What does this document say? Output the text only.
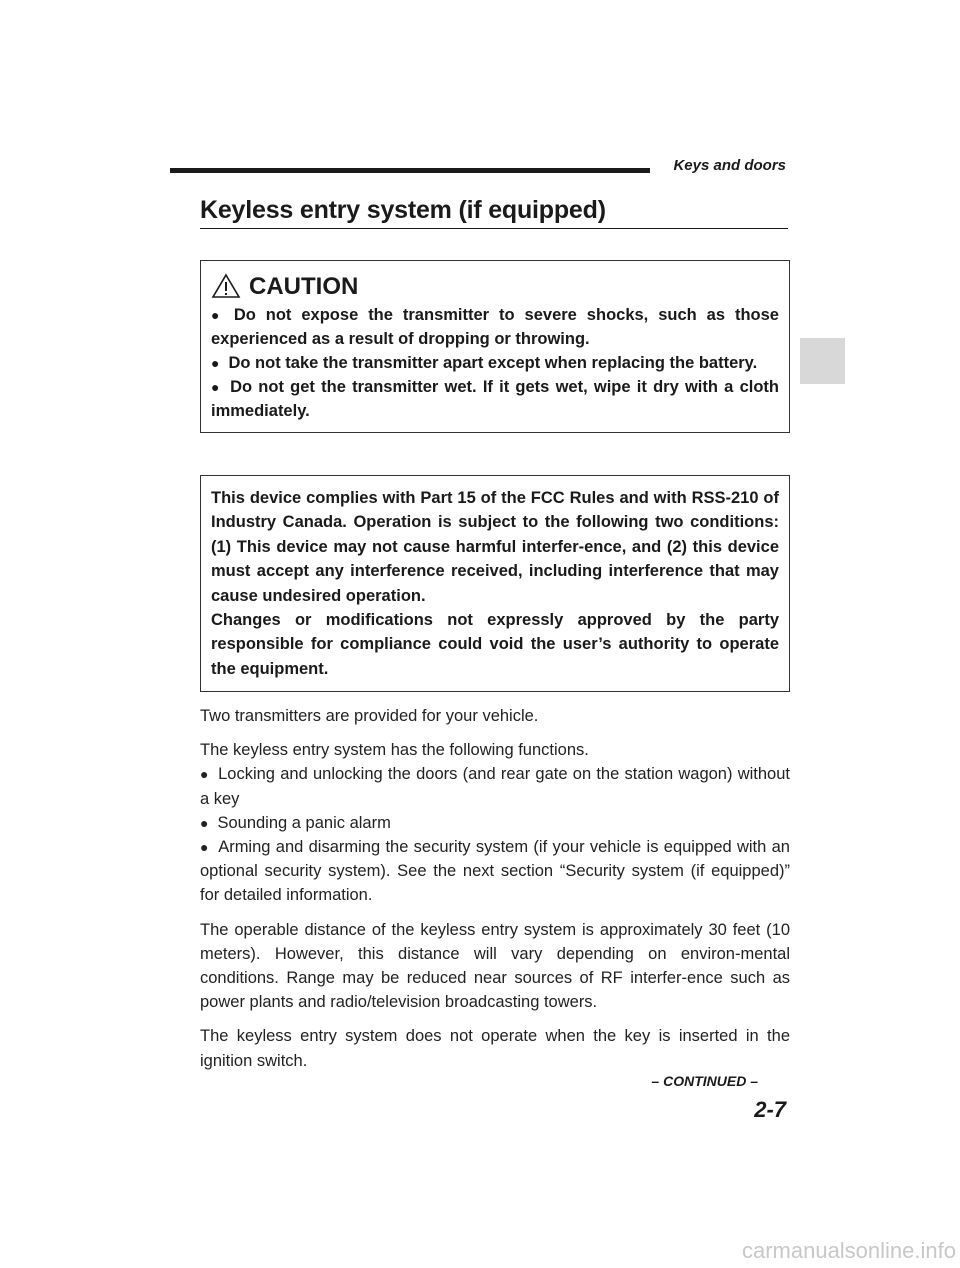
Keys and doors
Keyless entry system (if equipped)
CAUTION

● Do not expose the transmitter to severe shocks, such as those experienced as a result of dropping or throwing.

● Do not take the transmitter apart except when replacing the battery.

● Do not get the transmitter wet. If it gets wet, wipe it dry with a cloth immediately.

This device complies with Part 15 of the FCC Rules and with RSS-210 of Industry Canada. Operation is subject to the following two conditions: (1) This device may not cause harmful interfer-ence, and (2) this device must accept any interference received, including interference that may cause undesired operation.

Changes or modifications not expressly approved by the party responsible for compliance could void the user’s authority to operate the equipment.

Two transmitters are provided for your vehicle.

The keyless entry system has the following functions.

● Locking and unlocking the doors (and rear gate on the station wagon) without a key

● Sounding a panic alarm

● Arming and disarming the security system (if your vehicle is equipped with an optional security system). See the next section “Security system (if equipped)” for detailed information.

The operable distance of the keyless entry system is approximately 30 feet (10 meters). However, this distance will vary depending on environ-mental conditions. Range may be reduced near sources of RF interfer-ence such as power plants and radio/television broadcasting towers.

The keyless entry system does not operate when the key is inserted in the ignition switch.

– CONTINUED –
2-7
carmanualsonline.info
